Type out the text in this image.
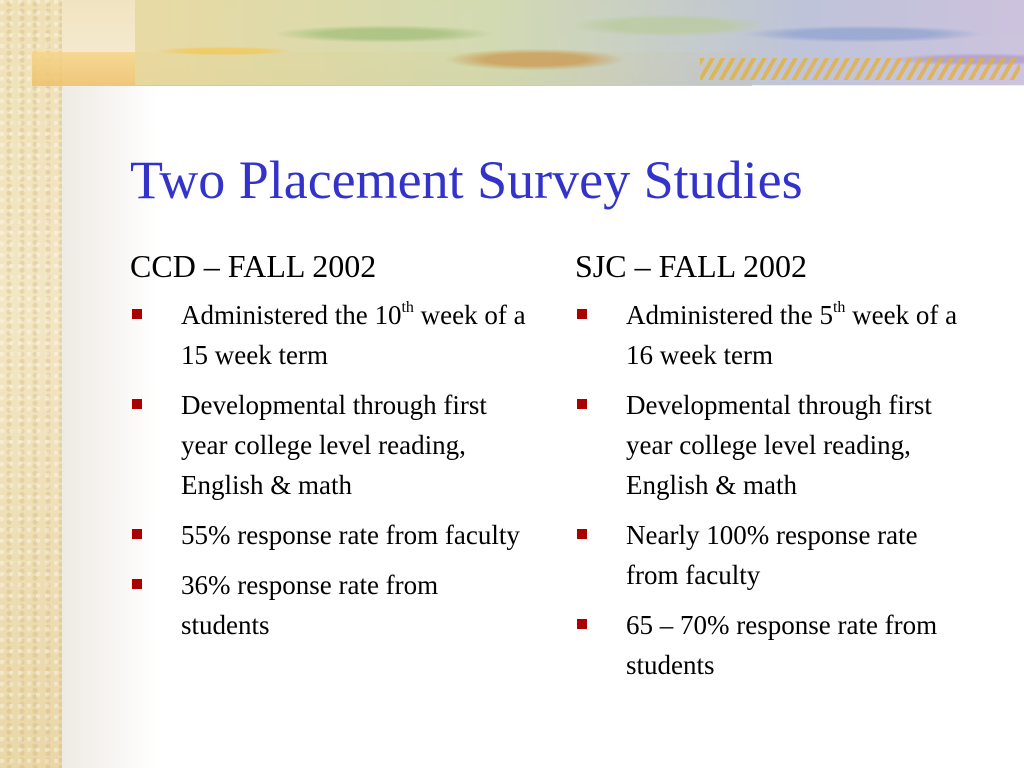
Two Placement Survey Studies
CCD – FALL 2002
Administered the 10th week of a 15 week term
Developmental through first year college level reading, English & math
55% response rate from faculty
36% response rate from students
SJC – FALL 2002
Administered the 5th week of a 16 week term
Developmental through first year college level reading, English & math
Nearly 100% response rate from faculty
65 – 70% response rate from students
